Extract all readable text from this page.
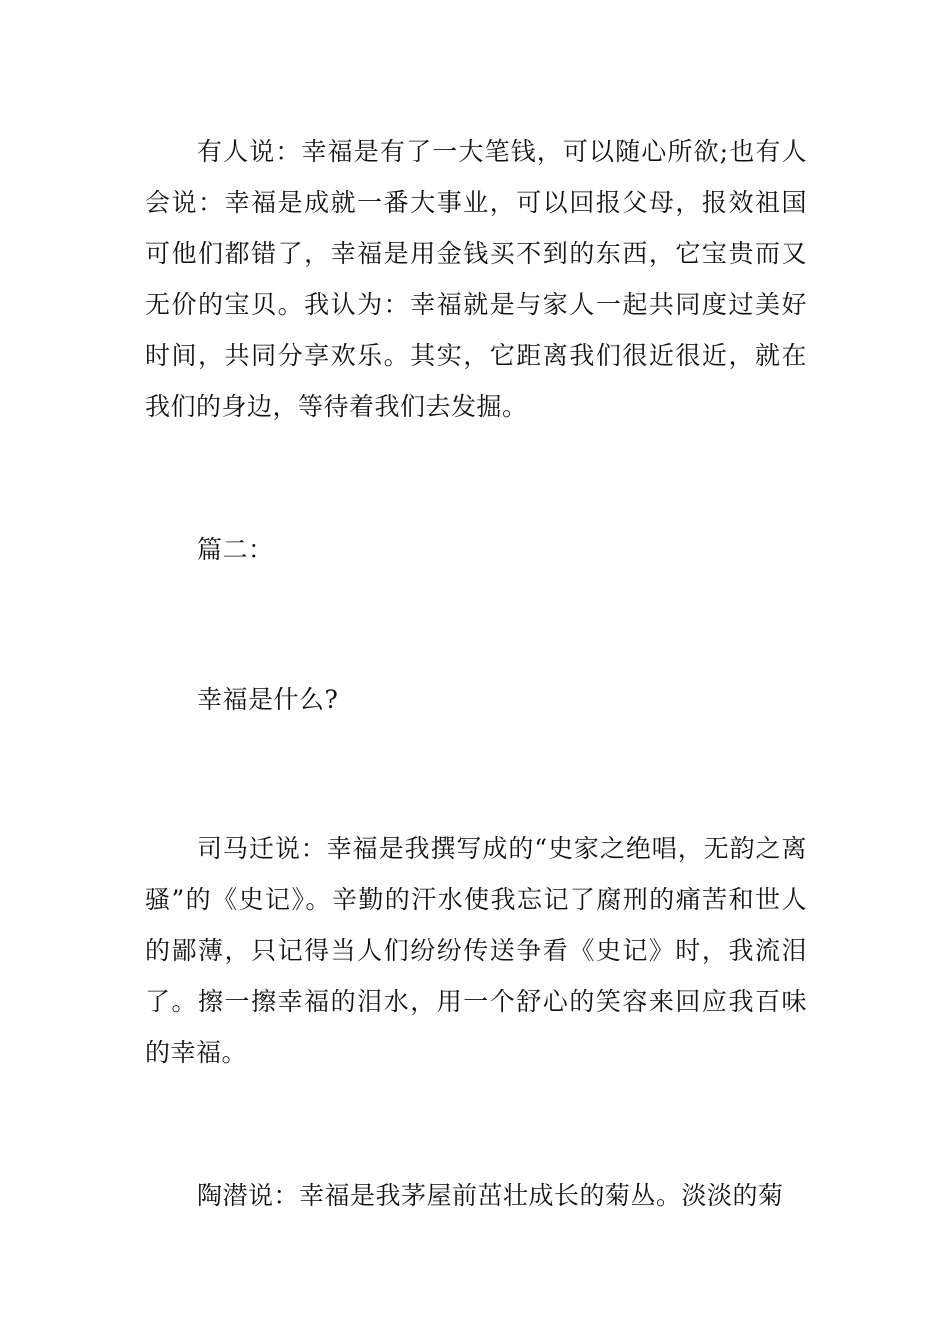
有人说：幸福是有了一大笔钱，可以随心所欲;也有人会说：幸福是成就一番大事业，可以回报父母，报效祖国可他们都错了，幸福是用金钱买不到的东西，它宝贵而又无价的宝贝。我认为：幸福就是与家人一起共同度过美好时间，共同分享欢乐。其实，它距离我们很近很近，就在我们的身边，等待着我们去发掘。

篇二：

幸福是什么?

司马迁说：幸福是我撰写成的“史家之绝唱，无韵之离骚”的《史记》。辛勤的汗水使我忘记了腐刑的痛苦和世人的鄙薄，只记得当人们纷纷传送争看《史记》时，我流泪了。擦一擦幸福的泪水，用一个舒心的笑容来回应我百味的幸福。

陶潜说：幸福是我茅屋前茁壮成长的菊丛。淡淡的菊
